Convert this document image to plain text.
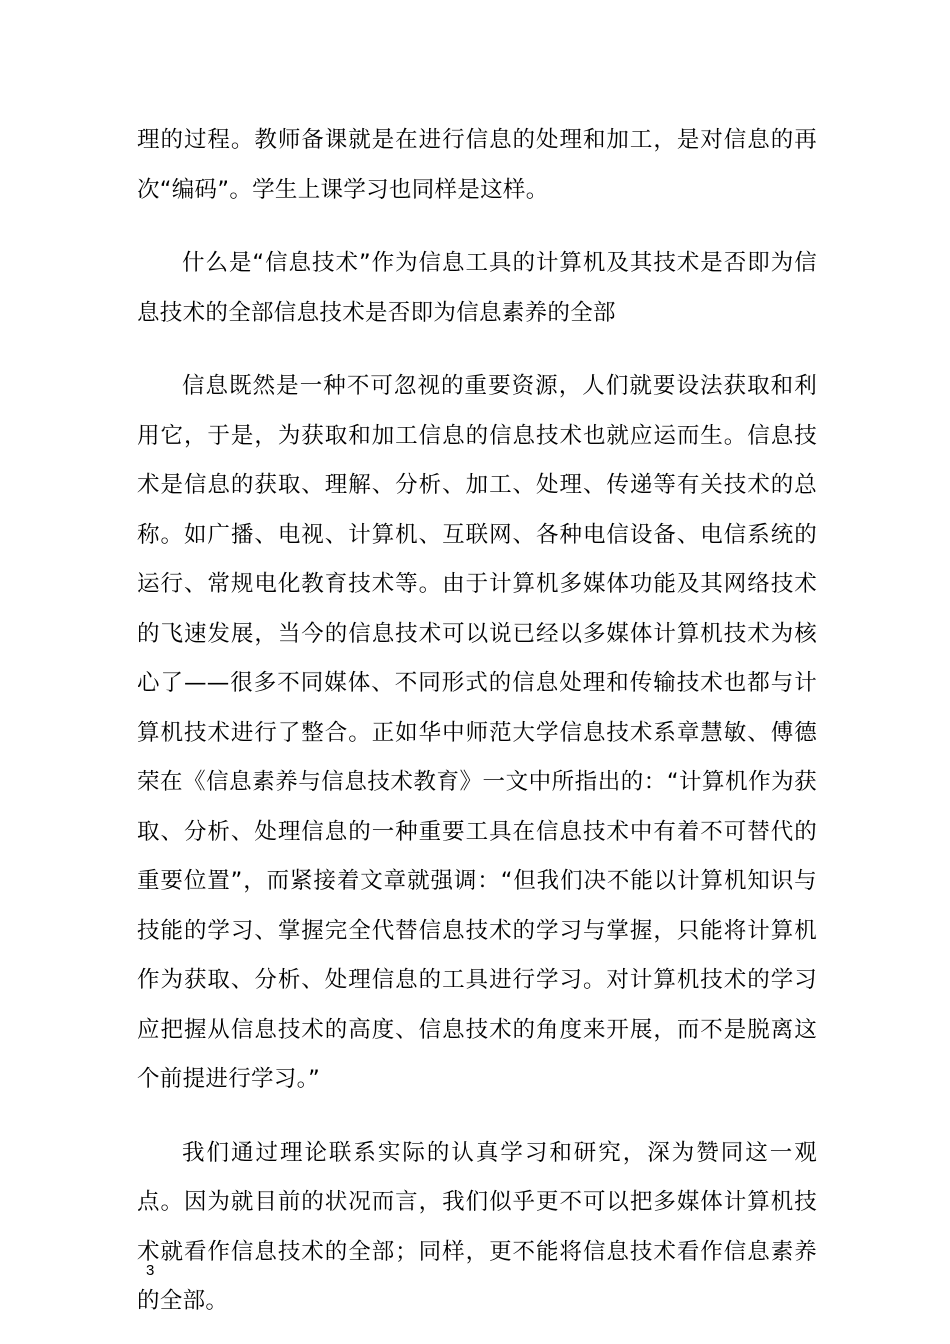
理的过程。教师备课就是在进行信息的处理和加工，是对信息的再次“编码”。学生上课学习也同样是这样。

什么是“信息技术”作为信息工具的计算机及其技术是否即为信息技术的全部信息技术是否即为信息素养的全部

信息既然是一种不可忽视的重要资源，人们就要设法获取和利用它，于是，为获取和加工信息的信息技术也就应运而生。信息技术是信息的获取、理解、分析、加工、处理、传递等有关技术的总称。如广播、电视、计算机、互联网、各种电信设备、电信系统的运行、常规电化教育技术等。由于计算机多媒体功能及其网络技术的飞速发展，当今的信息技术可以说已经以多媒体计算机技术为核心了——很多不同媒体、不同形式的信息处理和传输技术也都与计算机技术进行了整合。正如华中师范大学信息技术系章慧敏、傅德荣在《信息素养与信息技术教育》一文中所指出的：“计算机作为获取、分析、处理信息的一种重要工具在信息技术中有着不可替代的重要位置”，而紧接着文章就强调：“但我们决不能以计算机知识与技能的学习、掌握完全代替信息技术的学习与掌握，只能将计算机作为获取、分析、处理信息的工具进行学习。对计算机技术的学习应把握从信息技术的高度、信息技术的角度来开展，而不是脱离这个前提进行学习。”

我们通过理论联系实际的认真学习和研究，深为赞同这一观点。因为就目前的状况而言，我们似乎更不可以把多媒体计算机技术就看作信息技术的全部；同样，更不能将信息技术看作信息素养的全部。

3
